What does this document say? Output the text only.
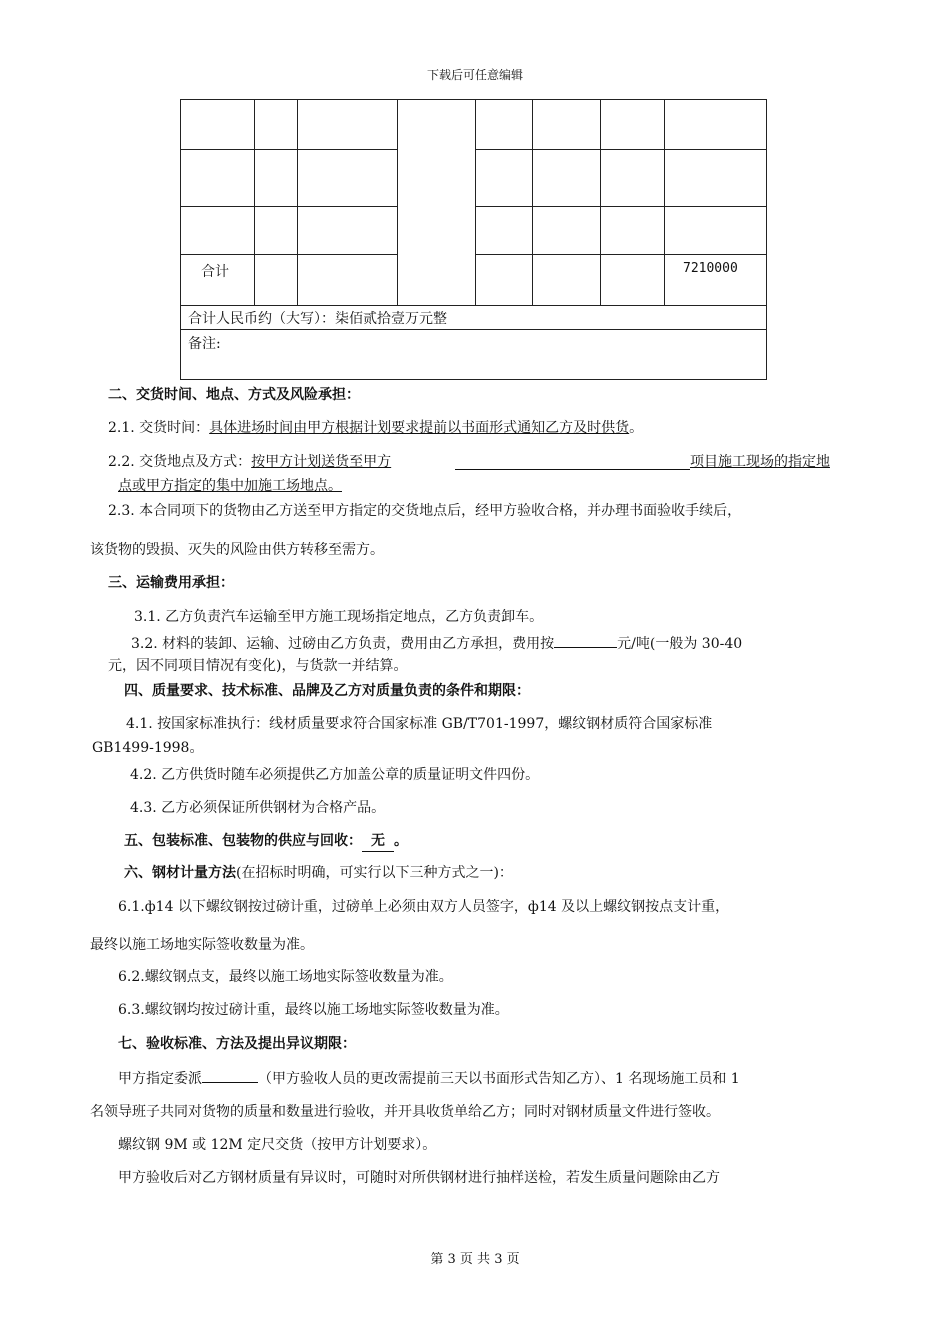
下载后可任意编辑

合计							7210000
合计人民币约（大写）：柒佰贰拾壹万元整							
备注:							
二、交货时间、地点、方式及风险承担：
2.1. 交货时间：具体进场时间由甲方根据计划要求提前以书面形式通知乙方及时供货。
2.2. 交货地点及方式：按甲方计划送货至甲方	项目施工现场的指定地
点或甲方指定的集中加施工场地点。
2.3. 本合同项下的货物由乙方送至甲方指定的交货地点后，经甲方验收合格，并办理书面验收手续后，
该货物的毁损、灭失的风险由供方转移至需方。
三、运输费用承担：
3.1. 乙方负责汽车运输至甲方施工现场指定地点，乙方负责卸车。
3.2. 材料的装卸、运输、过磅由乙方负责，费用由乙方承担，费用按	元/吨(一般为 30-40
元，因不同项目情况有变化)，与货款一并结算。
四、质量要求、技术标准、品牌及乙方对质量负责的条件和期限：
4.1. 按国家标准执行：线材质量要求符合国家标准 GB/T701-1997，螺纹钢材质符合国家标准
GB1499-1998。
4.2. 乙方供货时随车必须提供乙方加盖公章的质量证明文件四份。
4.3. 乙方必须保证所供钢材为合格产品。
五、包装标准、包装物的供应与回收： 无 。
六、钢材计量方法(在招标时明确，可实行以下三种方式之一)：
6.1.ф14 以下螺纹钢按过磅计重，过磅单上必须由双方人员签字，ф14 及以上螺纹钢按点支计重，
最终以施工场地实际签收数量为准。
6.2.螺纹钢点支，最终以施工场地实际签收数量为准。
6.3.螺纹钢均按过磅计重，最终以施工场地实际签收数量为准。
七、验收标准、方法及提出异议期限：
甲方指定委派	（甲方验收人员的更改需提前三天以书面形式告知乙方）、1 名现场施工员和 1
名领导班子共同对货物的质量和数量进行验收，并开具收货单给乙方；同时对钢材质量文件进行签收。
螺纹钢 9M 或 12M 定尺交货（按甲方计划要求）。
甲方验收后对乙方钢材质量有异议时，可随时对所供钢材进行抽样送检，若发生质量问题除由乙方
第 3 页 共 3 页
